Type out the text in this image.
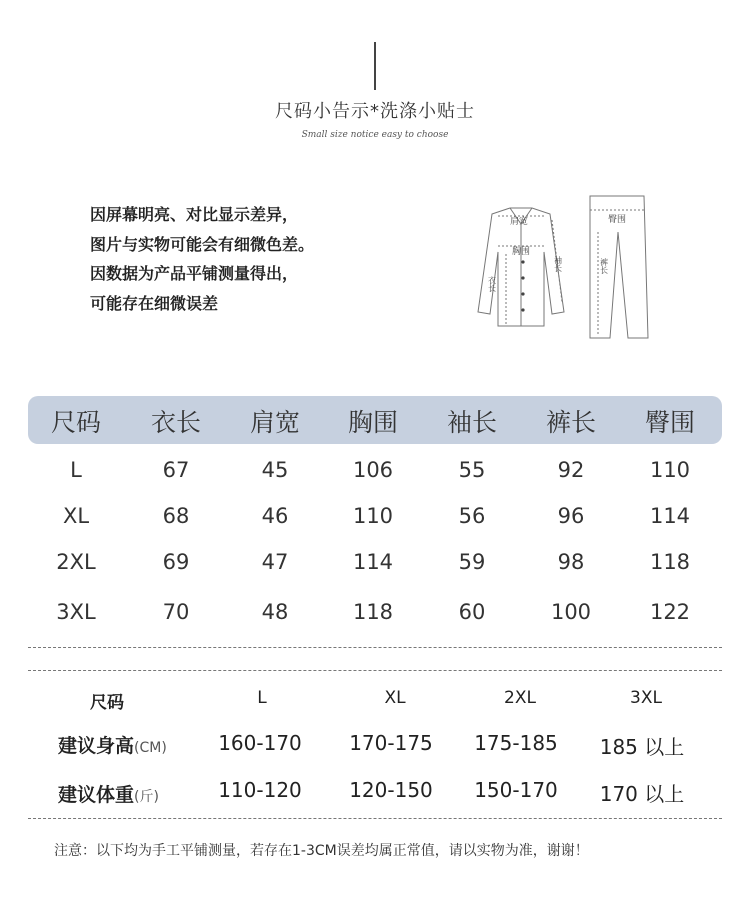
尺码小告示*洗涤小贴士
Small size notice easy to choose
因屏幕明亮、对比显示差异，
图片与实物可能会有细微色差。
因数据为产品平铺测量得出，
可能存在细微误差
肩宽
胸围
衣长
袖长
臀围
裤长
尺码	衣长	肩宽	胸围	袖长	裤长	臀围
L	67	45	106	55	92	110
XL	68	46	110	56	96	114
2XL	69	47	114	59	98	118
3XL	70	48	118	60	100	122
尺码	L	XL	2XL	3XL
建议身高(CM)	160-170 170-175 175-185 185 以上
建议体重(斤)	110-120 120-150 150-170 170 以上
注意：以下均为手工平铺测量，若存在1-3CM误差均属正常值，请以实物为准，谢谢！
